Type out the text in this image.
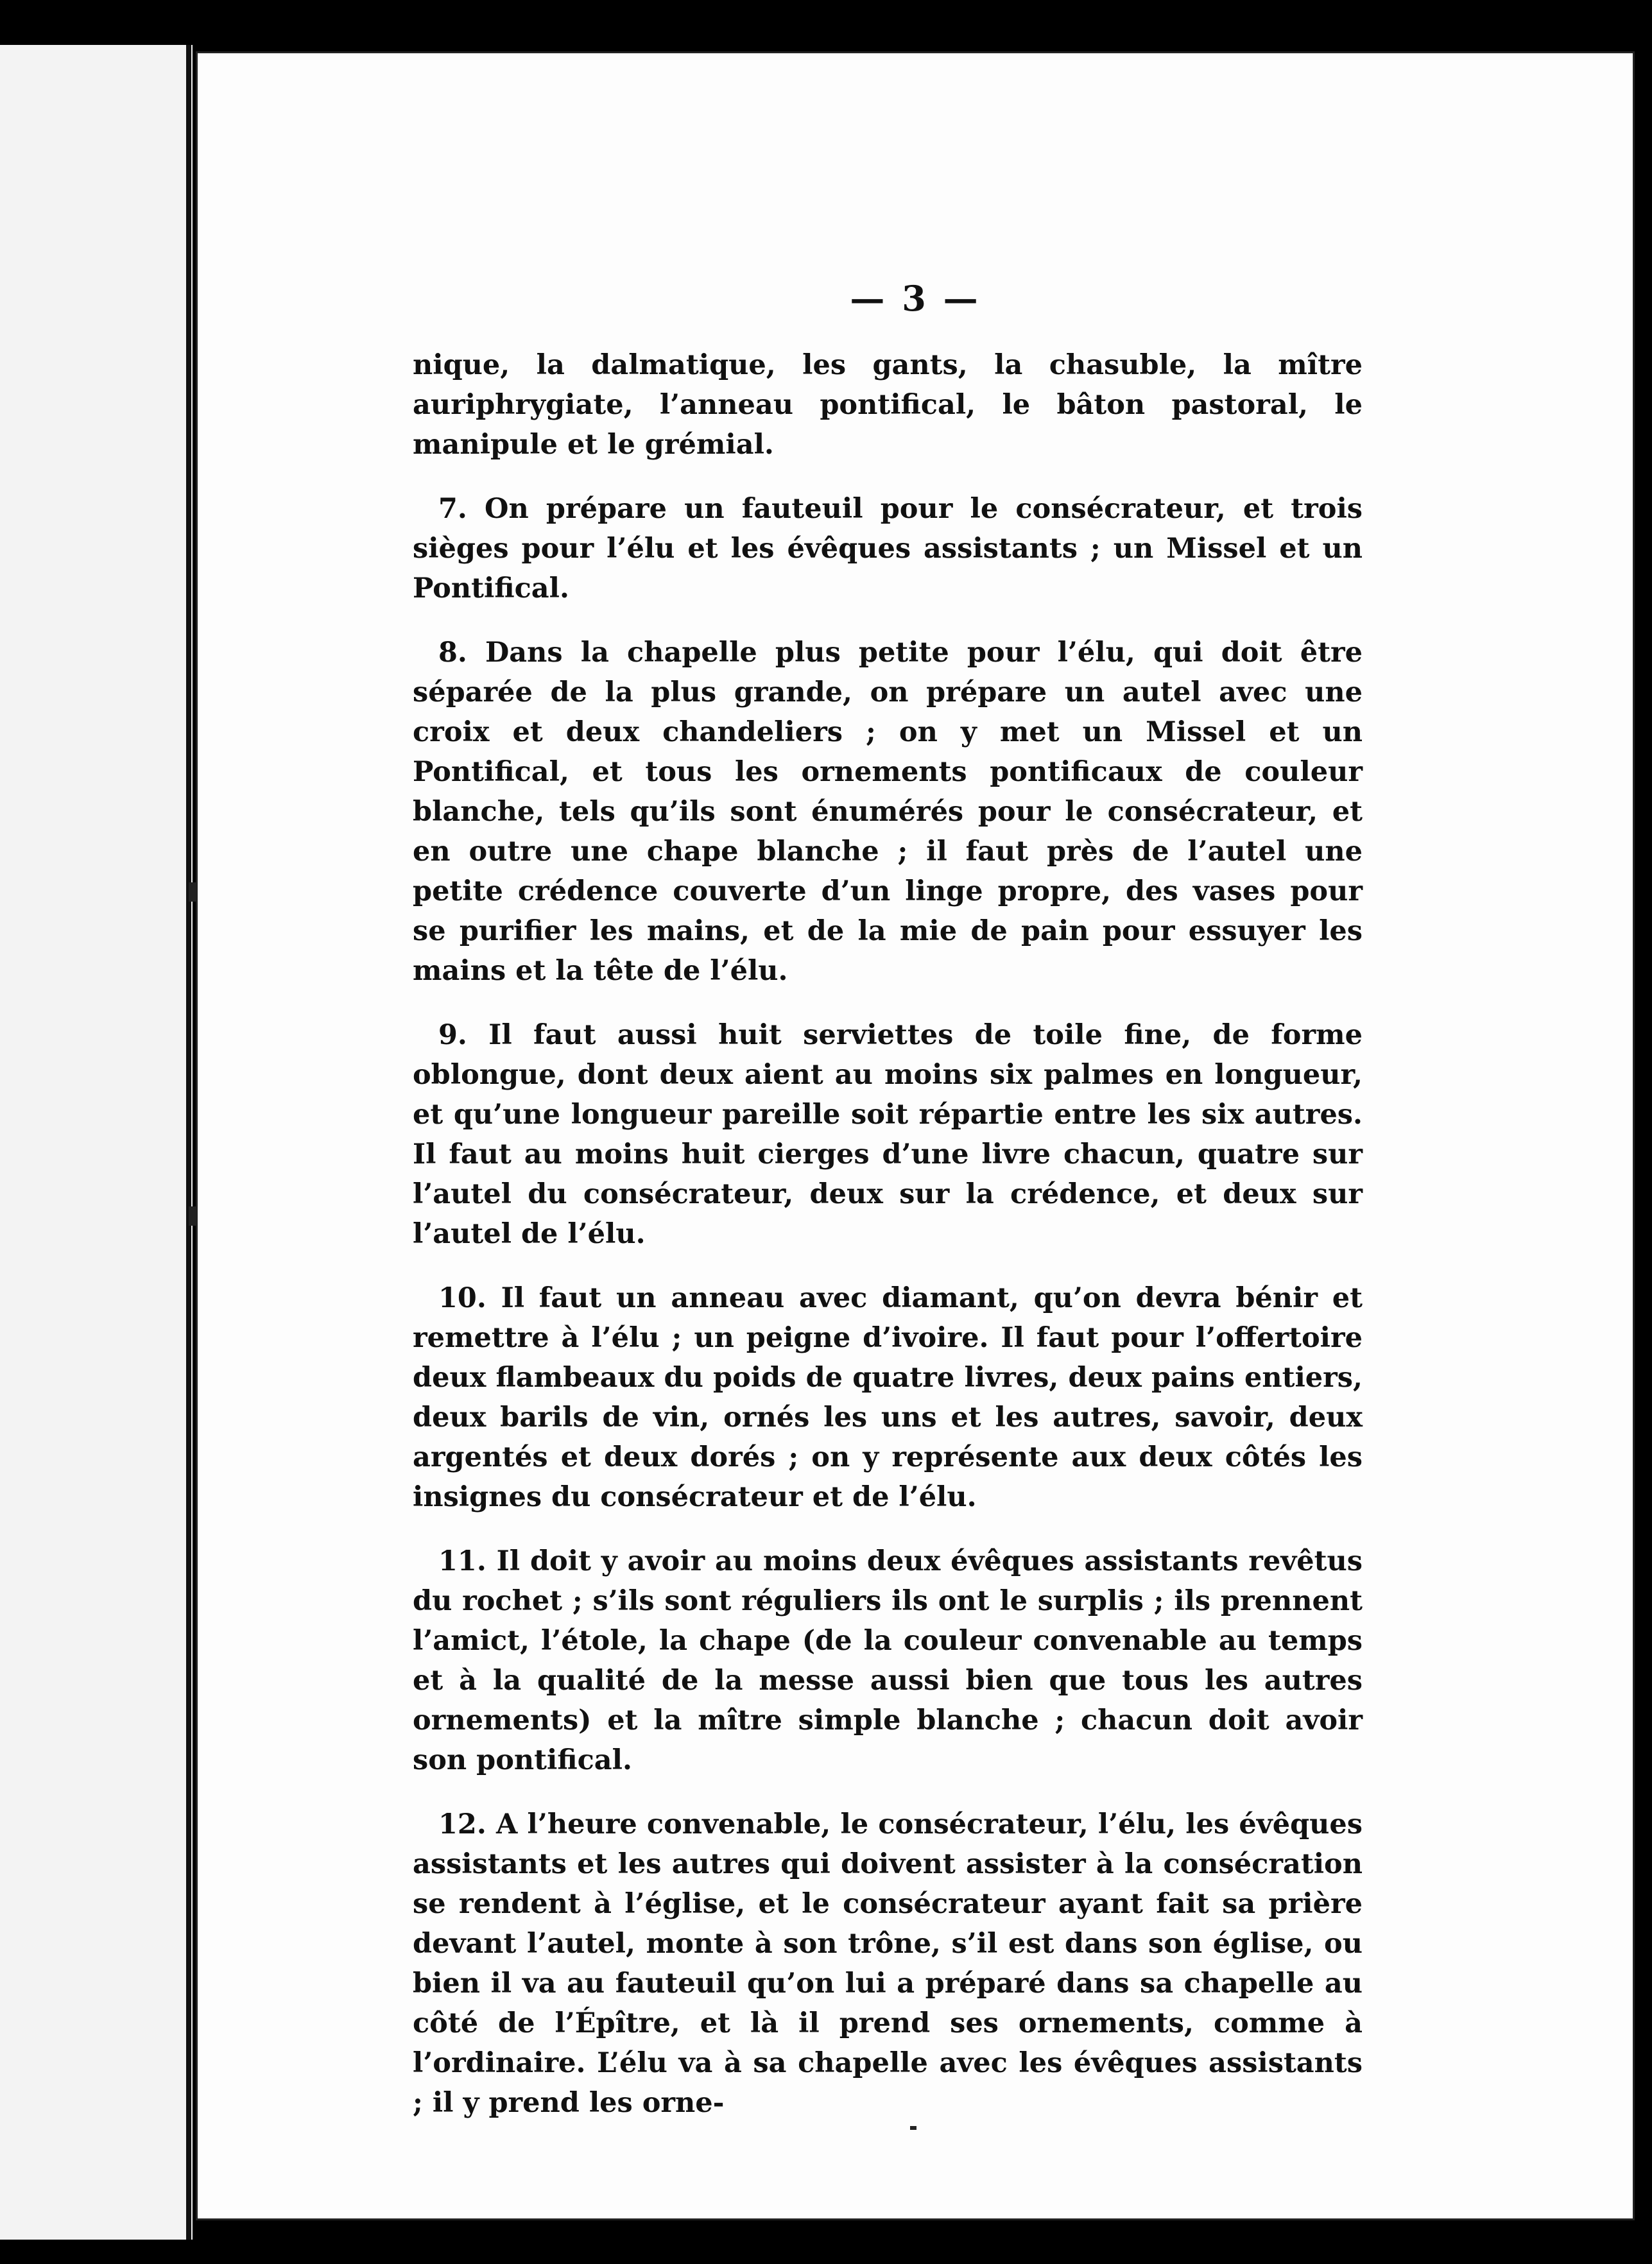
— 3 —

nique, la dalmatique, les gants, la chasuble, la mître auriphrygiate, l’anneau pontifical, le bâton pastoral, le manipule et le grémial.

7. On prépare un fauteuil pour le consécrateur, et trois sièges pour l’élu et les évêques assistants ; un Missel et un Pontifical.

8. Dans la chapelle plus petite pour l’élu, qui doit être séparée de la plus grande, on prépare un autel avec une croix et deux chandeliers ; on y met un Missel et un Pontifical, et tous les ornements pontificaux de couleur blanche, tels qu’ils sont énumérés pour le consécrateur, et en outre une chape blanche ; il faut près de l’autel une petite crédence couverte d’un linge propre, des vases pour se purifier les mains, et de la mie de pain pour essuyer les mains et la tête de l’élu.

9. Il faut aussi huit serviettes de toile fine, de forme oblongue, dont deux aient au moins six palmes en longueur, et qu’une longueur pareille soit répartie entre les six autres. Il faut au moins huit cierges d’une livre chacun, quatre sur l’autel du consécrateur, deux sur la crédence, et deux sur l’autel de l’élu.

10. Il faut un anneau avec diamant, qu’on devra bénir et remettre à l’élu ; un peigne d’ivoire. Il faut pour l’offertoire deux flambeaux du poids de quatre livres, deux pains entiers, deux barils de vin, ornés les uns et les autres, savoir, deux argentés et deux dorés ; on y représente aux deux côtés les insignes du consécrateur et de l’élu.

11. Il doit y avoir au moins deux évêques assistants revêtus du rochet ; s’ils sont réguliers ils ont le surplis ; ils prennent l’amict, l’étole, la chape (de la couleur convenable au temps et à la qualité de la messe aussi bien que tous les autres ornements) et la mître simple blanche ; chacun doit avoir son pontifical.

12. A l’heure convenable, le consécrateur, l’élu, les évêques assistants et les autres qui doivent assister à la consécration se rendent à l’église, et le consécrateur ayant fait sa prière devant l’autel, monte à son trône, s’il est dans son église, ou bien il va au fauteuil qu’on lui a préparé dans sa chapelle au côté de l’Épître, et là il prend ses ornements, comme à l’ordinaire. L’élu va à sa chapelle avec les évêques assistants ; il y prend les orne-
